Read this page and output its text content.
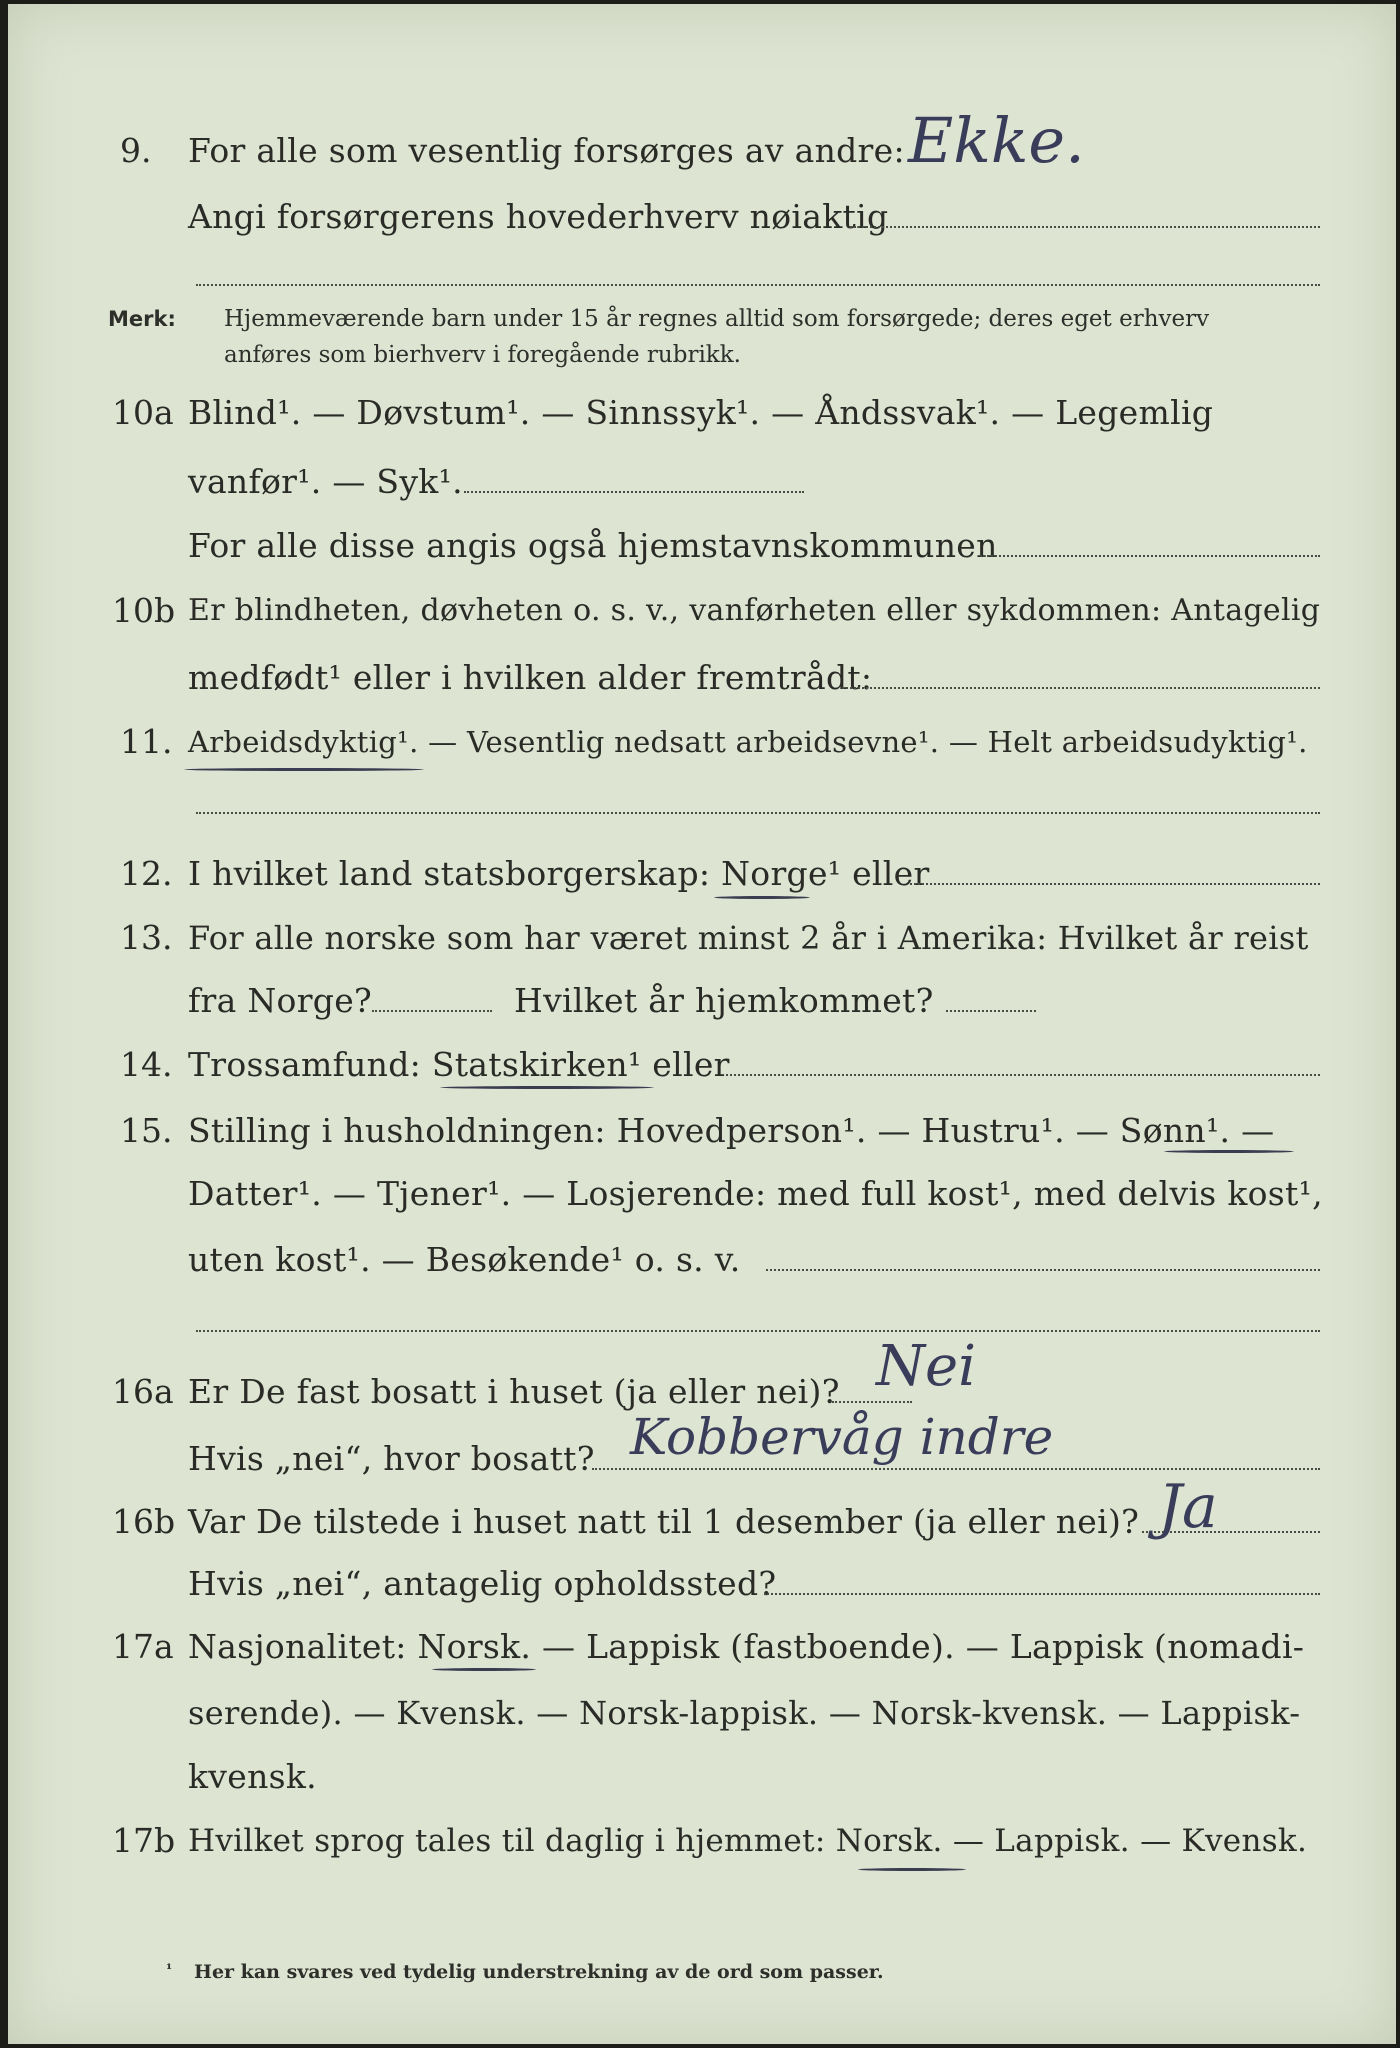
9. For alle som vesentlig forsørges av andre:
Angi forsørgerens hovederhverv nøiaktig
Ekke.
Merk: Hjemmeværende barn under 15 år regnes alltid som forsørgede; deres eget erhverv
anføres som bierhverv i foregående rubrikk.
10a Blind¹. — Døvstum¹. — Sinnssyk¹. — Åndssvak¹. — Legemlig
vanfør¹. — Syk¹.
For alle disse angis også hjemstavnskommunen
10b Er blindheten, døvheten o. s. v., vanførheten eller sykdommen: Antagelig
medfødt¹ eller i hvilken alder fremtrådt:
11. Arbeidsdyktig¹. — Vesentlig nedsatt arbeidsevne¹. — Helt arbeidsudyktig¹.
12. I hvilket land statsborgerskap: Norge¹ eller
13. For alle norske som har været minst 2 år i Amerika: Hvilket år reist
fra Norge?	Hvilket år hjemkommet?
14. Trossamfund: Statskirken¹ eller
15. Stilling i husholdningen: Hovedperson¹. — Hustru¹. — Sønn¹. —
Datter¹. — Tjener¹. — Losjerende: med full kost¹, med delvis kost¹,
uten kost¹. — Besøkende¹ o. s. v.
16a Er De fast bosatt i huset (ja eller nei)? Nei
Hvis „nei“, hvor bosatt? Kobbervåg indre
16b Var De tilstede i huset natt til 1 desember (ja eller nei)? Ja
Hvis „nei“, antagelig opholdssted?
17a Nasjonalitet: Norsk. — Lappisk (fastboende). — Lappisk (nomadi-
serende). — Kvensk. — Norsk-lappisk. — Norsk-kvensk. — Lappisk-
kvensk.
17b Hvilket sprog tales til daglig i hjemmet: Norsk. — Lappisk. — Kvensk.
¹ Her kan svares ved tydelig understrekning av de ord som passer.
